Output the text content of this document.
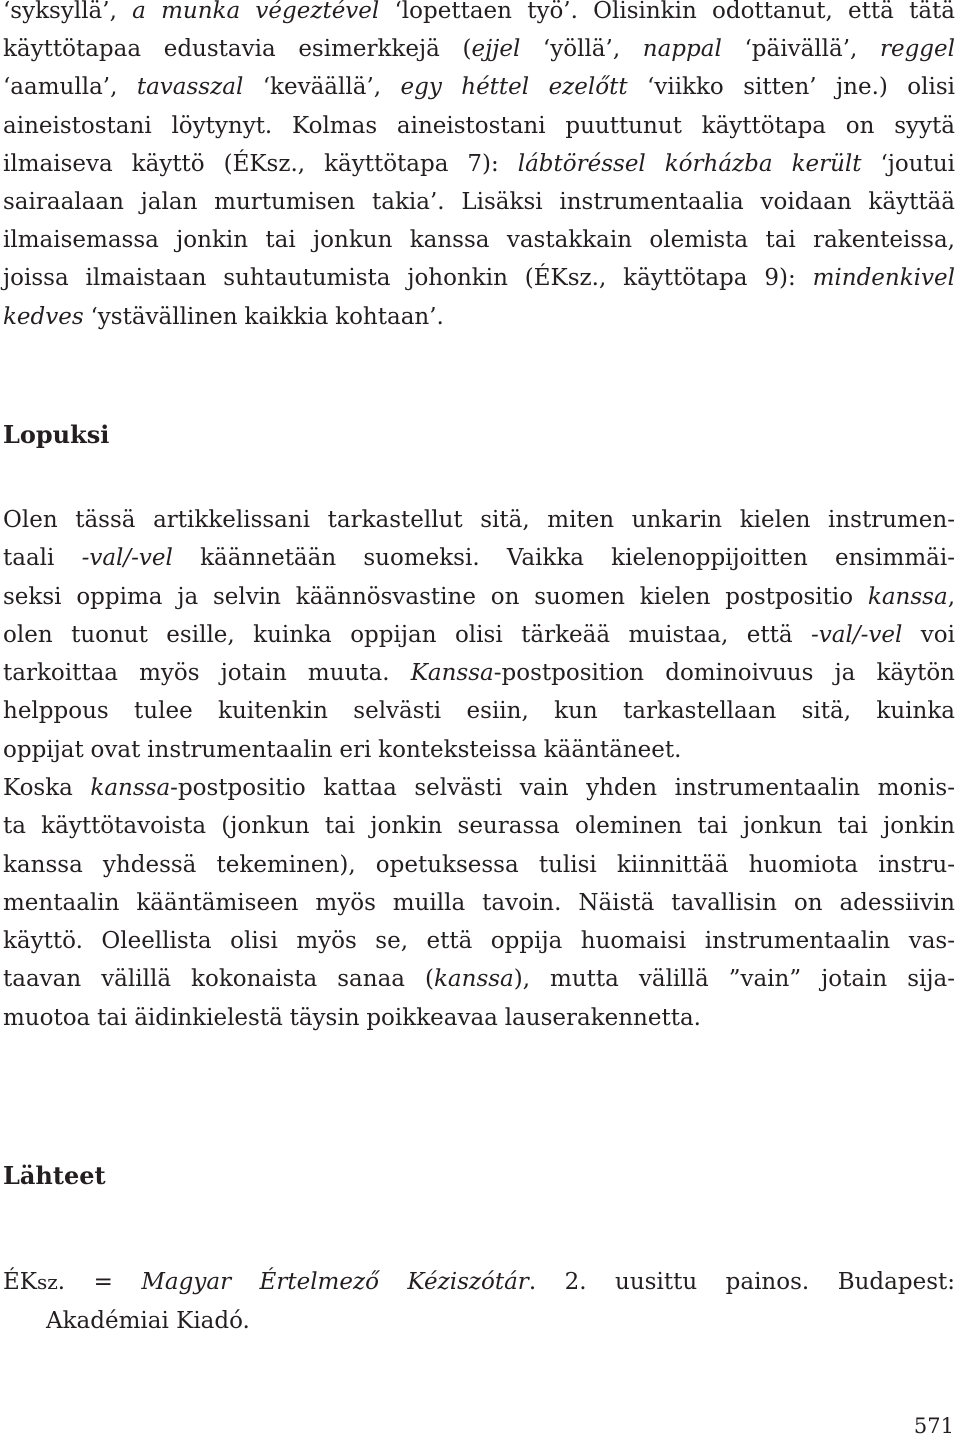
‘syksyllä’, a munka végeztével ‘lopettaen työ’. Olisinkin odottanut, että tätä
käyttötapaa edustavia esimerkkejä (ejjel ‘yöllä’, nappal ‘päivällä’, reggel
‘aamulla’, tavasszal ‘keväällä’, egy héttel ezelőtt ‘viikko sitten’ jne.) olisi
aineistostani löytynyt. Kolmas aineistostani puuttunut käyttötapa on syytä
ilmaiseva käyttö (ÉKsz., käyttötapa 7): lábtöréssel kórházba került ‘joutui
sairaalaan jalan murtumisen takia’. Lisäksi instrumentaalia voidaan käyttää
ilmaisemassa jonkin tai jonkun kanssa vastakkain olemista tai rakenteissa,
joissa ilmaistaan suhtautumista johonkin (ÉKsz., käyttötapa 9): mindenkivel
kedves ‘ystävällinen kaikkia kohtaan’.

Lopuksi

Olen tässä artikkelissani tarkastellut sitä, miten unkarin kielen instrumen-
taali -val/-vel käännetään suomeksi. Vaikka kielenoppijoitten ensimmäi-
seksi oppima ja selvin käännösvastine on suomen kielen postpositio kanssa,
olen tuonut esille, kuinka oppijan olisi tärkeää muistaa, että -val/-vel voi
tarkoittaa myös jotain muuta. Kanssa-postposition dominoivuus ja käytön
helppous tulee kuitenkin selvästi esiin, kun tarkastellaan sitä, kuinka
oppijat ovat instrumentaalin eri konteksteissa kääntäneet.

Koska kanssa-postpositio kattaa selvästi vain yhden instrumentaalin monis-
ta käyttötavoista (jonkun tai jonkin seurassa oleminen tai jonkun tai jonkin
kanssa yhdessä tekeminen), opetuksessa tulisi kiinnittää huomiota instru-
mentaalin kääntämiseen myös muilla tavoin. Näistä tavallisin on adessiivin
käyttö. Oleellista olisi myös se, että oppija huomaisi instrumentaalin vas-
taavan välillä kokonaista sanaa (kanssa), mutta välillä ”vain” jotain sija-
muotoa tai äidinkielestä täysin poikkeavaa lauserakennetta.

Lähteet

ÉKsz. = Magyar Értelmező Kéziszótár. 2. uusittu painos. Budapest:
Akadémiai Kiadó.

571
